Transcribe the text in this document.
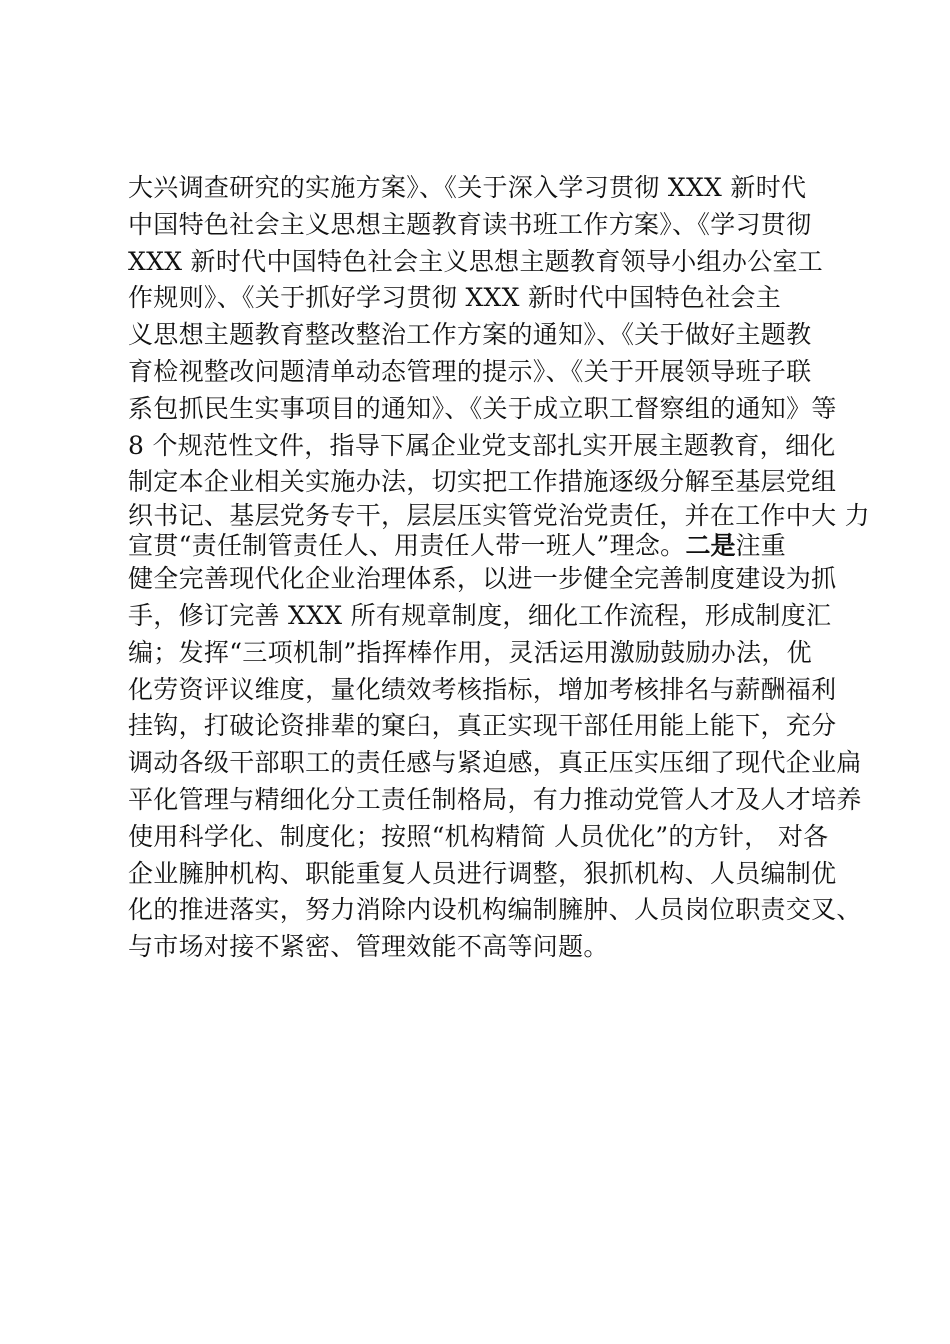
大兴调查研究的实施方案》、《关于深入学习贯彻 XXX 新时代
中国特色社会主义思想主题教育读书班工作方案》、《学习贯彻
XXX 新时代中国特色社会主义思想主题教育领导小组办公室工
作规则》、《关于抓好学习贯彻 XXX 新时代中国特色社会主
义思想主题教育整改整治工作方案的通知》、《关于做好主题教
育检视整改问题清单动态管理的提示》、《关于开展领导班子联
系包抓民生实事项目的通知》、《关于成立职工督察组的通知》等
8 个规范性文件，指导下属企业党支部扎实开展主题教育，细化
制定本企业相关实施办法，切实把工作措施逐级分解至基层党组
织书记、基层党务专干，层层压实管党治党责任，并在工作中大 力
宣贯“责任制管责任人、用责任人带一班人”理念。二是注重
健全完善现代化企业治理体系，以进一步健全完善制度建设为抓
手，修订完善 XXX 所有规章制度，细化工作流程，形成制度汇
编；发挥“三项机制”指挥棒作用，灵活运用激励鼓励办法，优
化劳资评议维度，量化绩效考核指标，增加考核排名与薪酬福利
挂钩，打破论资排辈的窠臼，真正实现干部任用能上能下，充分
调动各级干部职工的责任感与紧迫感，真正压实压细了现代企业扁
平化管理与精细化分工责任制格局，有力推动党管人才及人才培养
使用科学化、制度化；按照“机构精简 人员优化”的方针， 对各
企业臃肿机构、职能重复人员进行调整，狠抓机构、人员编制优
化的推进落实，努力消除内设机构编制臃肿、人员岗位职责交叉、
与市场对接不紧密、管理效能不高等问题。
